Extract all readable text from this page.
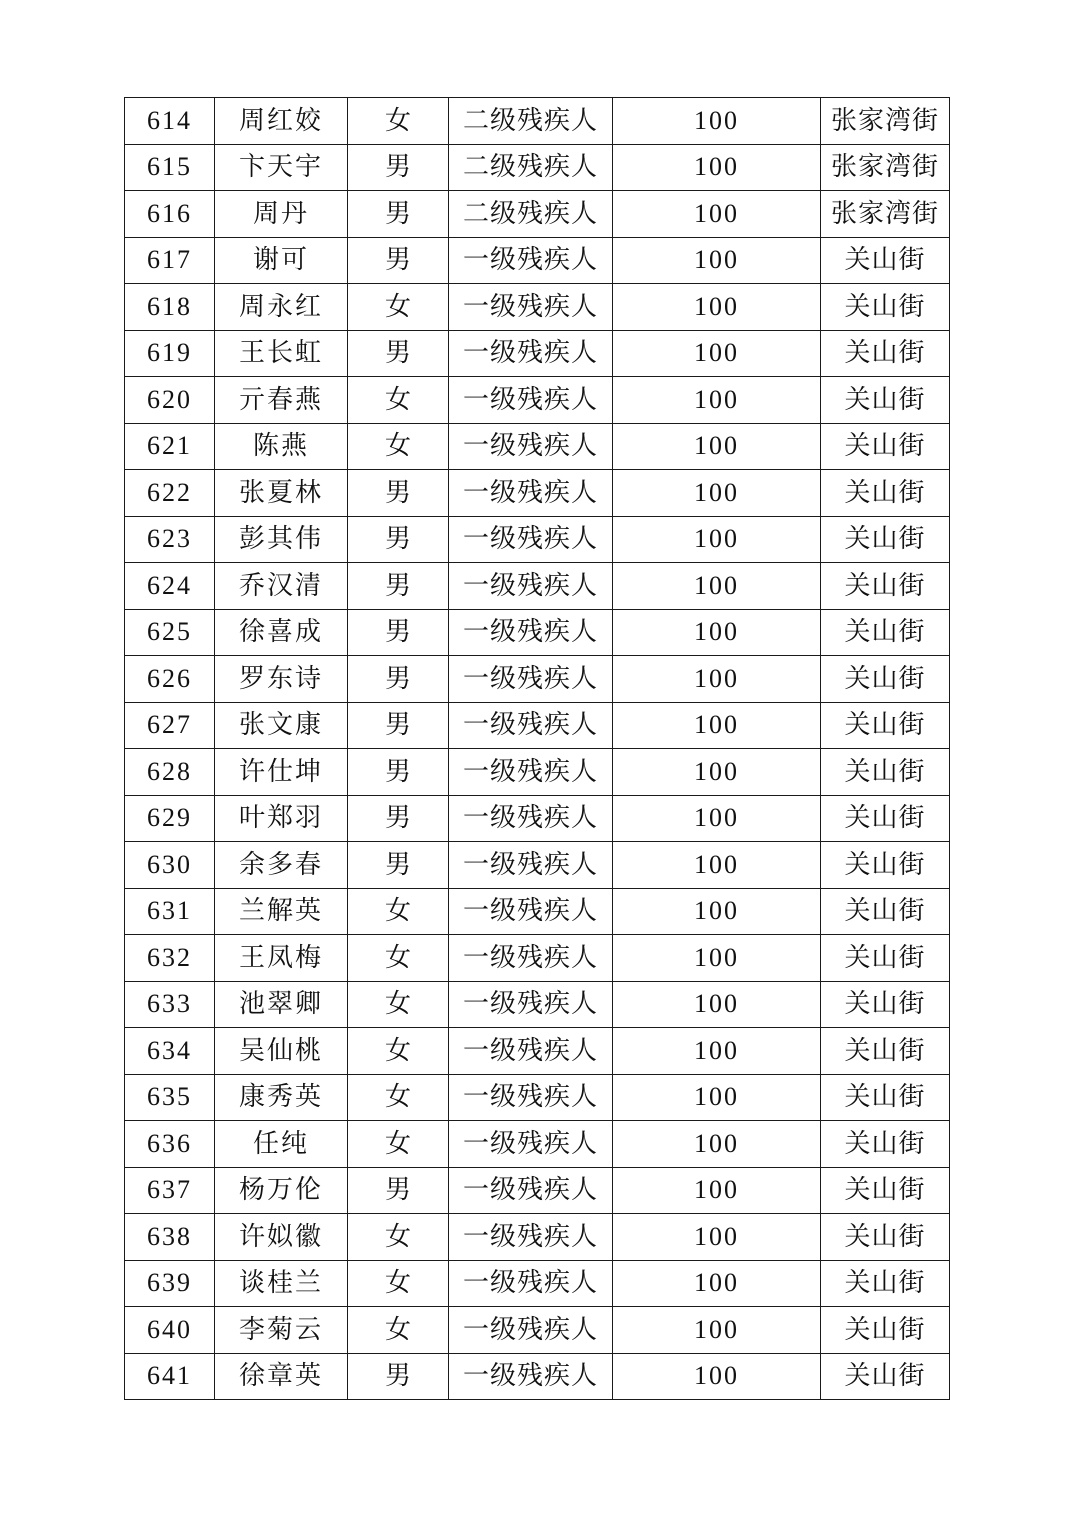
614	周红姣	女	二级残疾人	100	张家湾街
615	卞天宇	男	二级残疾人	100	张家湾街
616	周丹	男	二级残疾人	100	张家湾街
617	谢可	男	一级残疾人	100	关山街
618	周永红	女	一级残疾人	100	关山街
619	王长虹	男	一级残疾人	100	关山街
620	亓春燕	女	一级残疾人	100	关山街
621	陈燕	女	一级残疾人	100	关山街
622	张夏林	男	一级残疾人	100	关山街
623	彭其伟	男	一级残疾人	100	关山街
624	乔汉清	男	一级残疾人	100	关山街
625	徐喜成	男	一级残疾人	100	关山街
626	罗东诗	男	一级残疾人	100	关山街
627	张文康	男	一级残疾人	100	关山街
628	许仕坤	男	一级残疾人	100	关山街
629	叶郑羽	男	一级残疾人	100	关山街
630	余多春	男	一级残疾人	100	关山街
631	兰解英	女	一级残疾人	100	关山街
632	王凤梅	女	一级残疾人	100	关山街
633	池翠卿	女	一级残疾人	100	关山街
634	吴仙桃	女	一级残疾人	100	关山街
635	康秀英	女	一级残疾人	100	关山街
636	任纯	女	一级残疾人	100	关山街
637	杨万伦	男	一级残疾人	100	关山街
638	许姒徽	女	一级残疾人	100	关山街
639	谈桂兰	女	一级残疾人	100	关山街
640	李菊云	女	一级残疾人	100	关山街
641	徐章英	男	一级残疾人	100	关山街
